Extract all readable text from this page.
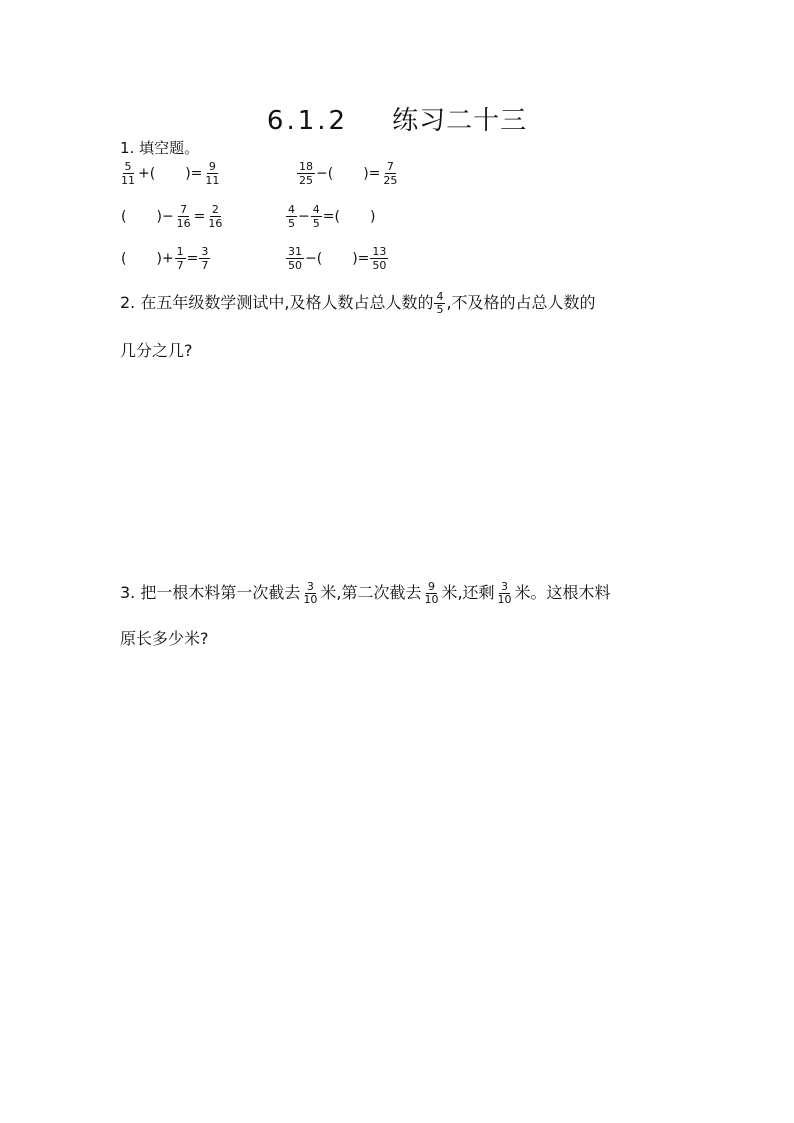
6.1.2 练习二十三
1. 填空题。
$\frac{5}{11}$ +( )= $\frac{9}{11}$	$\frac{18}{25}$ −( )= $\frac{7}{25}$
( )− $\frac{7}{16} = \frac{2}{16}$	$\frac{4}{5} - \frac{4}{5}$ =( )
( )+ $\frac{1}{7} = \frac{3}{7}$	$\frac{31}{50}$ −( )= $\frac{13}{50}$
2. 在五年级数学测试中,及格人数占总人数的 $\frac{4}{5}$ ,不及格的占总人数的
几分之几?
3. 把一根木料第一次截去 $\frac{3}{10}$ 米,第二次截去 $\frac{9}{10}$ 米,还剩 $\frac{3}{10}$ 米。这根木料
原长多少米?
